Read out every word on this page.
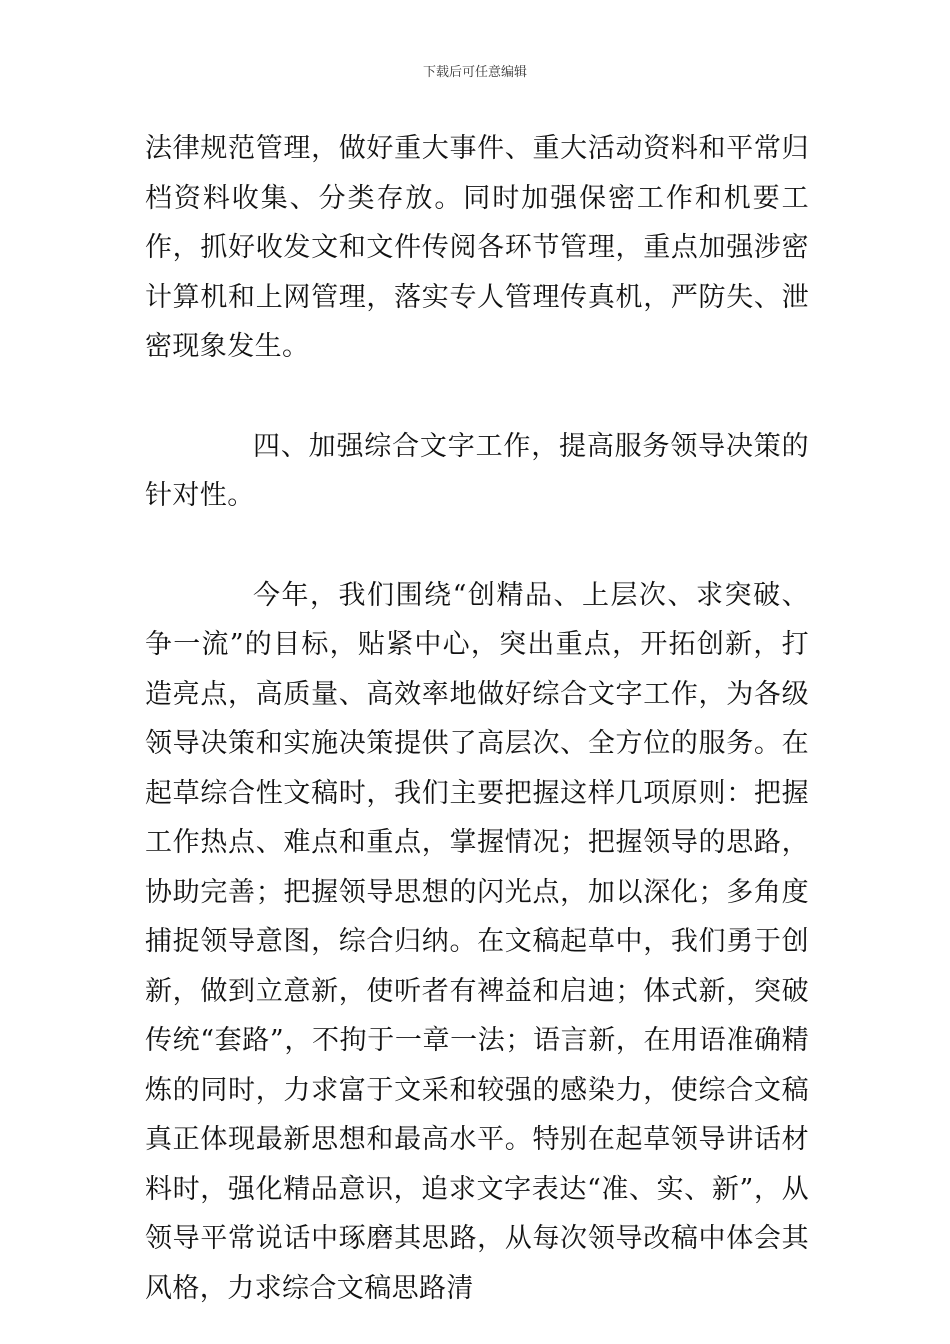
下载后可任意编辑

法律规范管理，做好重大事件、重大活动资料和平常归档资料收集、分类存放。同时加强保密工作和机要工作，抓好收发文和文件传阅各环节管理，重点加强涉密计算机和上网管理，落实专人管理传真机，严防失、泄密现象发生。

四、加强综合文字工作，提高服务领导决策的针对性。

今年，我们围绕“创精品、上层次、求突破、争一流”的目标，贴紧中心，突出重点，开拓创新，打造亮点，高质量、高效率地做好综合文字工作，为各级领导决策和实施决策提供了高层次、全方位的服务。在起草综合性文稿时，我们主要把握这样几项原则：把握工作热点、难点和重点，掌握情况；把握领导的思路，协助完善；把握领导思想的闪光点，加以深化；多角度捕捉领导意图，综合归纳。在文稿起草中，我们勇于创新，做到立意新，使听者有裨益和启迪；体式新，突破传统“套路”，不拘于一章一法；语言新，在用语准确精炼的同时，力求富于文采和较强的感染力，使综合文稿真正体现最新思想和最高水平。特别在起草领导讲话材料时，强化精品意识，追求文字表达“准、实、新”，从领导平常说话中琢磨其思路，从每次领导改稿中体会其风格，力求综合文稿思路清
